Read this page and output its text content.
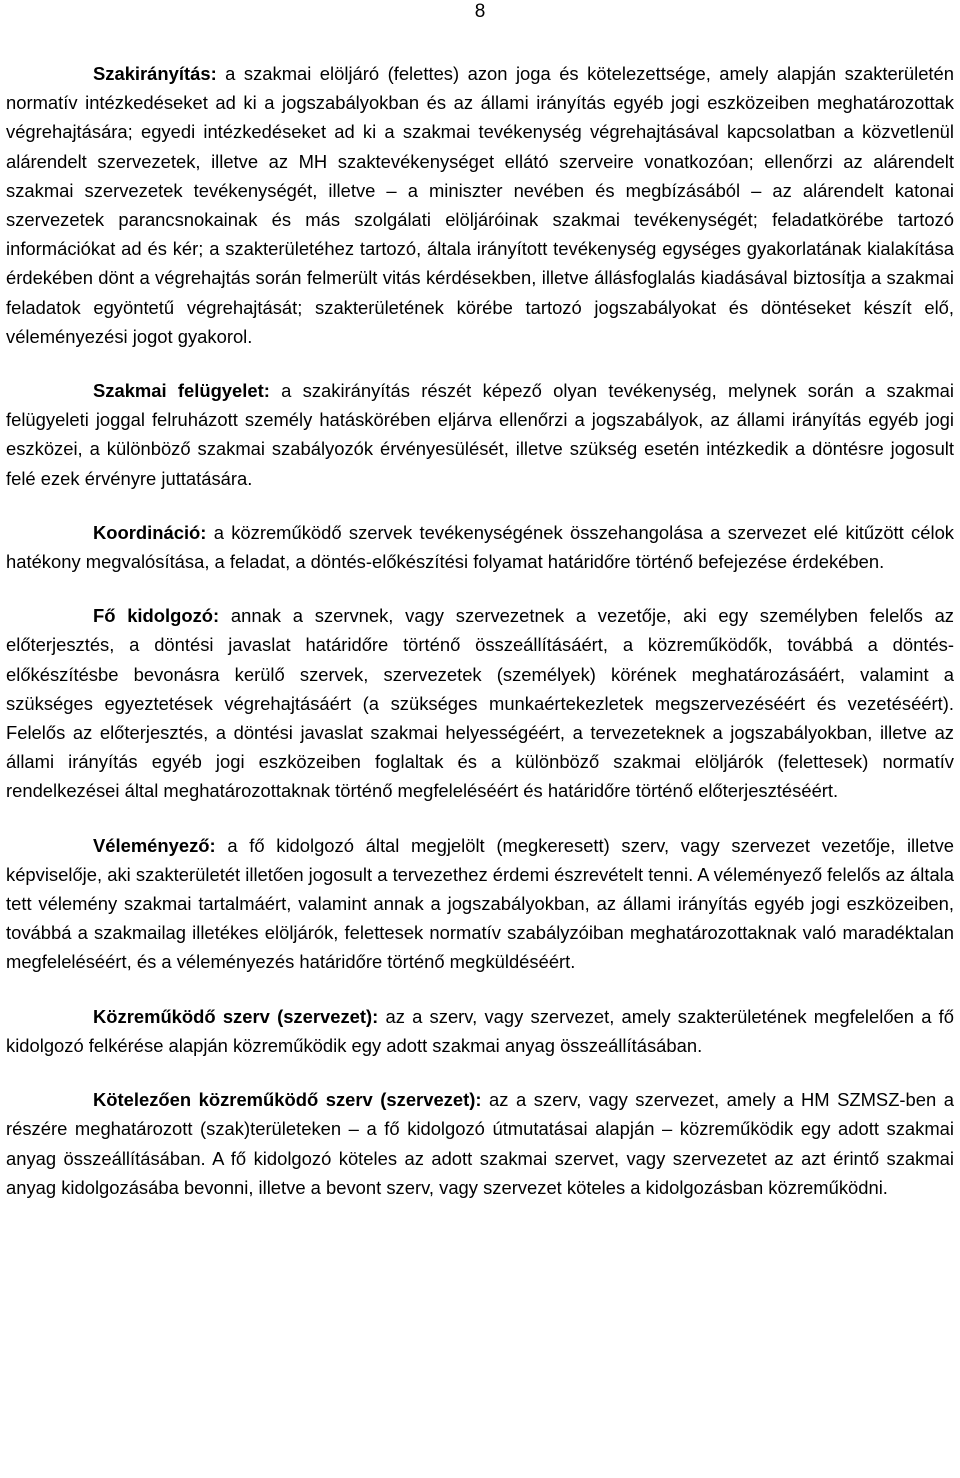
8

Szakirányítás: a szakmai elöljáró (felettes) azon joga és kötelezettsége, amely alapján szakterületén normatív intézkedéseket ad ki a jogszabályokban és az állami irányítás egyéb jogi eszközeiben meghatározottak végrehajtására; egyedi intézkedéseket ad ki a szakmai tevékenység végrehajtásával kapcsolatban a közvetlenül alárendelt szervezetek, illetve az MH szaktevékenységet ellátó szerveire vonatkozóan; ellenőrzi az alárendelt szakmai szervezetek tevékenységét, illetve – a miniszter nevében és megbízásából – az alárendelt katonai szervezetek parancsnokainak és más szolgálati elöljáróinak szakmai tevékenységét; feladatkörébe tartozó információkat ad és kér; a szakterületéhez tartozó, általa irányított tevékenység egységes gyakorlatának kialakítása érdekében dönt a végrehajtás során felmerült vitás kérdésekben, illetve állásfoglalás kiadásával biztosítja a szakmai feladatok egyöntetű végrehajtását; szakterületének körébe tartozó jogszabályokat és döntéseket készít elő, véleményezési jogot gyakorol.

Szakmai felügyelet: a szakirányítás részét képező olyan tevékenység, melynek során a szakmai felügyeleti joggal felruházott személy hatáskörében eljárva ellenőrzi a jogszabályok, az állami irányítás egyéb jogi eszközei, a különböző szakmai szabályozók érvényesülését, illetve szükség esetén intézkedik a döntésre jogosult felé ezek érvényre juttatására.

Koordináció: a közreműködő szervek tevékenységének összehangolása a szervezet elé kitűzött célok hatékony megvalósítása, a feladat, a döntés-előkészítési folyamat határidőre történő befejezése érdekében.

Fő kidolgozó: annak a szervnek, vagy szervezetnek a vezetője, aki egy személyben felelős az előterjesztés, a döntési javaslat határidőre történő összeállításáért, a közreműködők, továbbá a döntés-előkészítésbe bevonásra kerülő szervek, szervezetek (személyek) körének meghatározásáért, valamint a szükséges egyeztetések végrehajtásáért (a szükséges munkaértekezletek megszervezéséért és vezetéséért). Felelős az előterjesztés, a döntési javaslat szakmai helyességéért, a tervezeteknek a jogszabályokban, illetve az állami irányítás egyéb jogi eszközeiben foglaltak és a különböző szakmai elöljárók (felettesek) normatív rendelkezései által meghatározottaknak történő megfeleléséért és határidőre történő előterjesztéséért.

Véleményező: a fő kidolgozó által megjelölt (megkeresett) szerv, vagy szervezet vezetője, illetve képviselője, aki szakterületét illetően jogosult a tervezethez érdemi észrevételt tenni. A véleményező felelős az általa tett vélemény szakmai tartalmáért, valamint annak a jogszabályokban, az állami irányítás egyéb jogi eszközeiben, továbbá a szakmailag illetékes elöljárók, felettesek normatív szabályzóiban meghatározottaknak való maradéktalan megfeleléséért, és a véleményezés határidőre történő megküldéséért.

Közreműködő szerv (szervezet): az a szerv, vagy szervezet, amely szakterületének megfelelően a fő kidolgozó felkérése alapján közreműködik egy adott szakmai anyag összeállításában.

Kötelezően közreműködő szerv (szervezet): az a szerv, vagy szervezet, amely a HM SZMSZ-ben a részére meghatározott (szak)területeken – a fő kidolgozó útmutatásai alapján – közreműködik egy adott szakmai anyag összeállításában. A fő kidolgozó köteles az adott szakmai szervet, vagy szervezetet az azt érintő szakmai anyag kidolgozásába bevonni, illetve a bevont szerv, vagy szervezet köteles a kidolgozásban közreműködni.
